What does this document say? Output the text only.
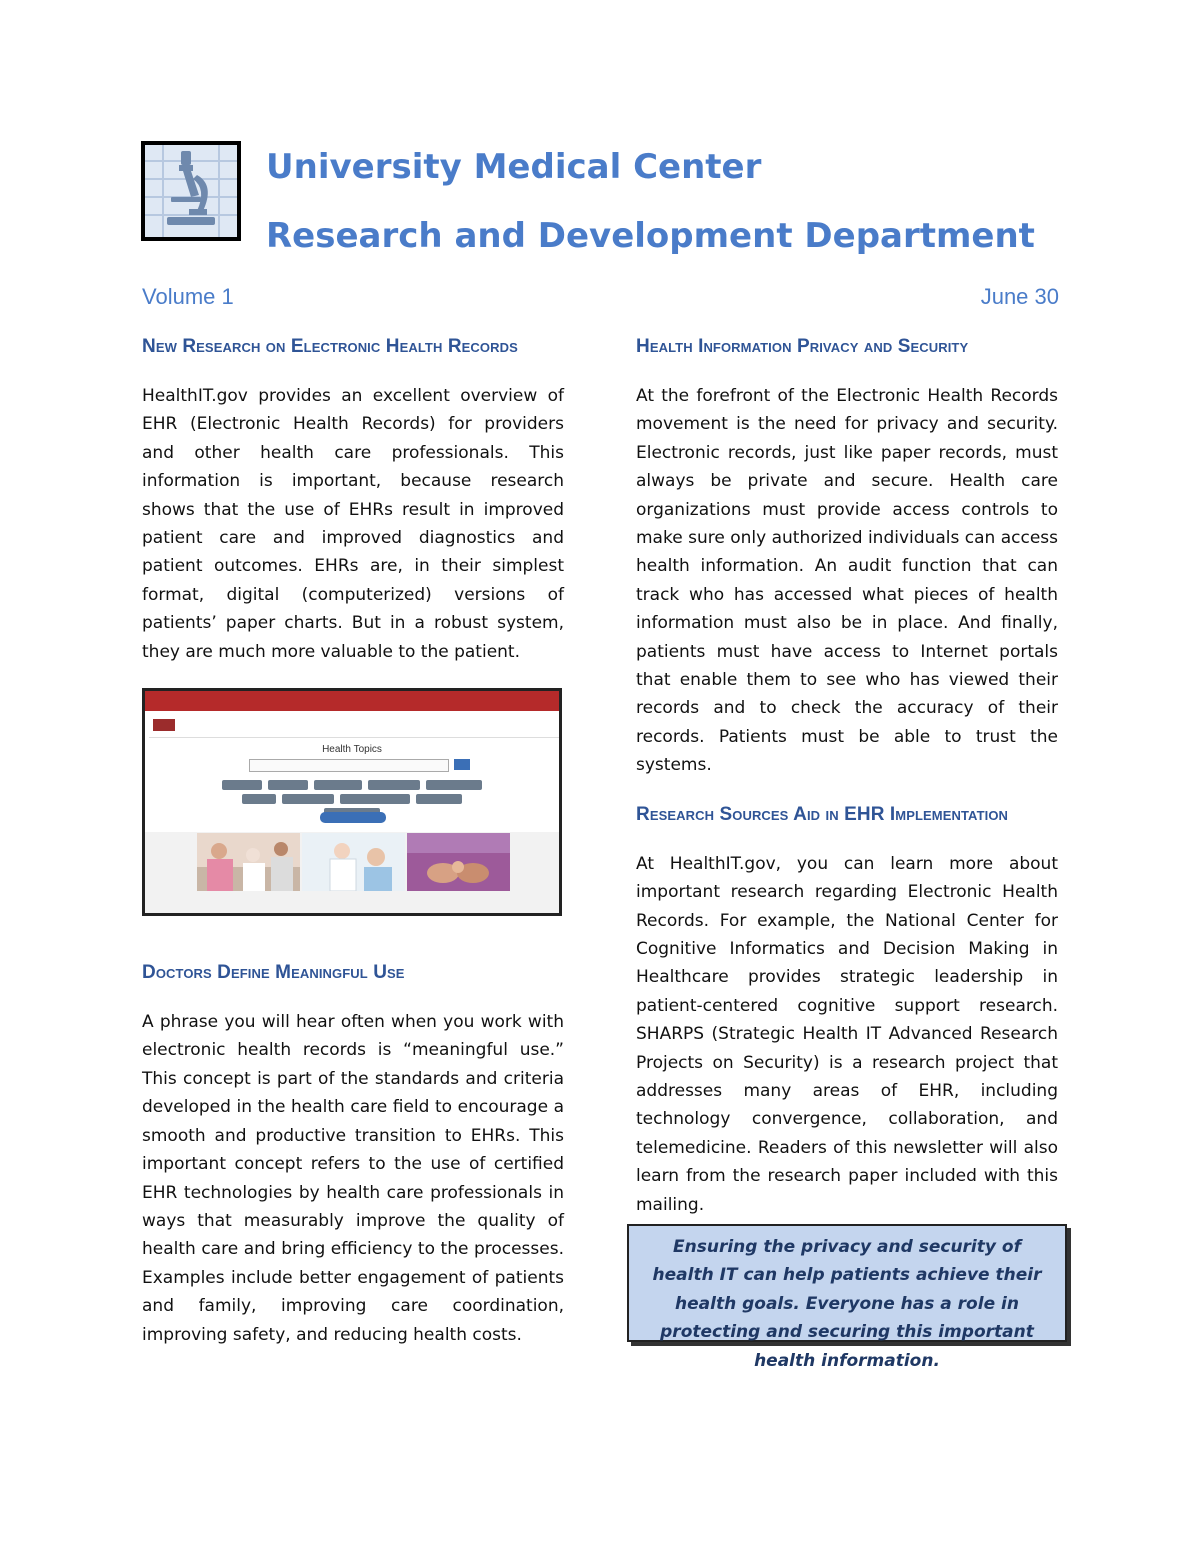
University Medical Center
Research and Development Department
Volume 1	June 30
New Research on Electronic Health Records

HealthIT.gov provides an excellent overview of EHR (Electronic Health Records) for providers and other health care professionals. This information is important, because research shows that the use of EHRs result in improved patient care and improved diagnostics and patient outcomes. EHRs are, in their simplest format, digital (computerized) versions of patients’ paper charts. But in a robust system, they are much more valuable to the patient.

Health Topics

Doctors Define Meaningful Use

A phrase you will hear often when you work with electronic health records is “meaningful use.” This concept is part of the standards and criteria developed in the health care field to encourage a smooth and productive transition to EHRs. This important concept refers to the use of certified EHR technologies by health care professionals in ways that measurably improve the quality of health care and bring efficiency to the processes. Examples include better engagement of patients and family, improving care coordination, improving safety, and reducing health costs.

Health Information Privacy and Security

At the forefront of the Electronic Health Records movement is the need for privacy and security. Electronic records, just like paper records, must always be private and secure. Health care organizations must provide access controls to make sure only authorized individuals can access health information. An audit function that can track who has accessed what pieces of health information must also be in place. And finally, patients must have access to Internet portals that enable them to see who has viewed their records and to check the accuracy of their records. Patients must be able to trust the systems.

Research Sources Aid in EHR Implementation

At HealthIT.gov, you can learn more about important research regarding Electronic Health Records. For example, the National Center for Cognitive Informatics and Decision Making in Healthcare provides strategic leadership in patient-centered cognitive support research. SHARPS (Strategic Health IT Advanced Research Projects on Security) is a research project that addresses many areas of EHR, including technology convergence, collaboration, and telemedicine. Readers of this newsletter will also learn from the research paper included with this mailing.

Ensuring the privacy and security of health IT can help patients achieve their health goals. Everyone has a role in protecting and securing this important health information.
